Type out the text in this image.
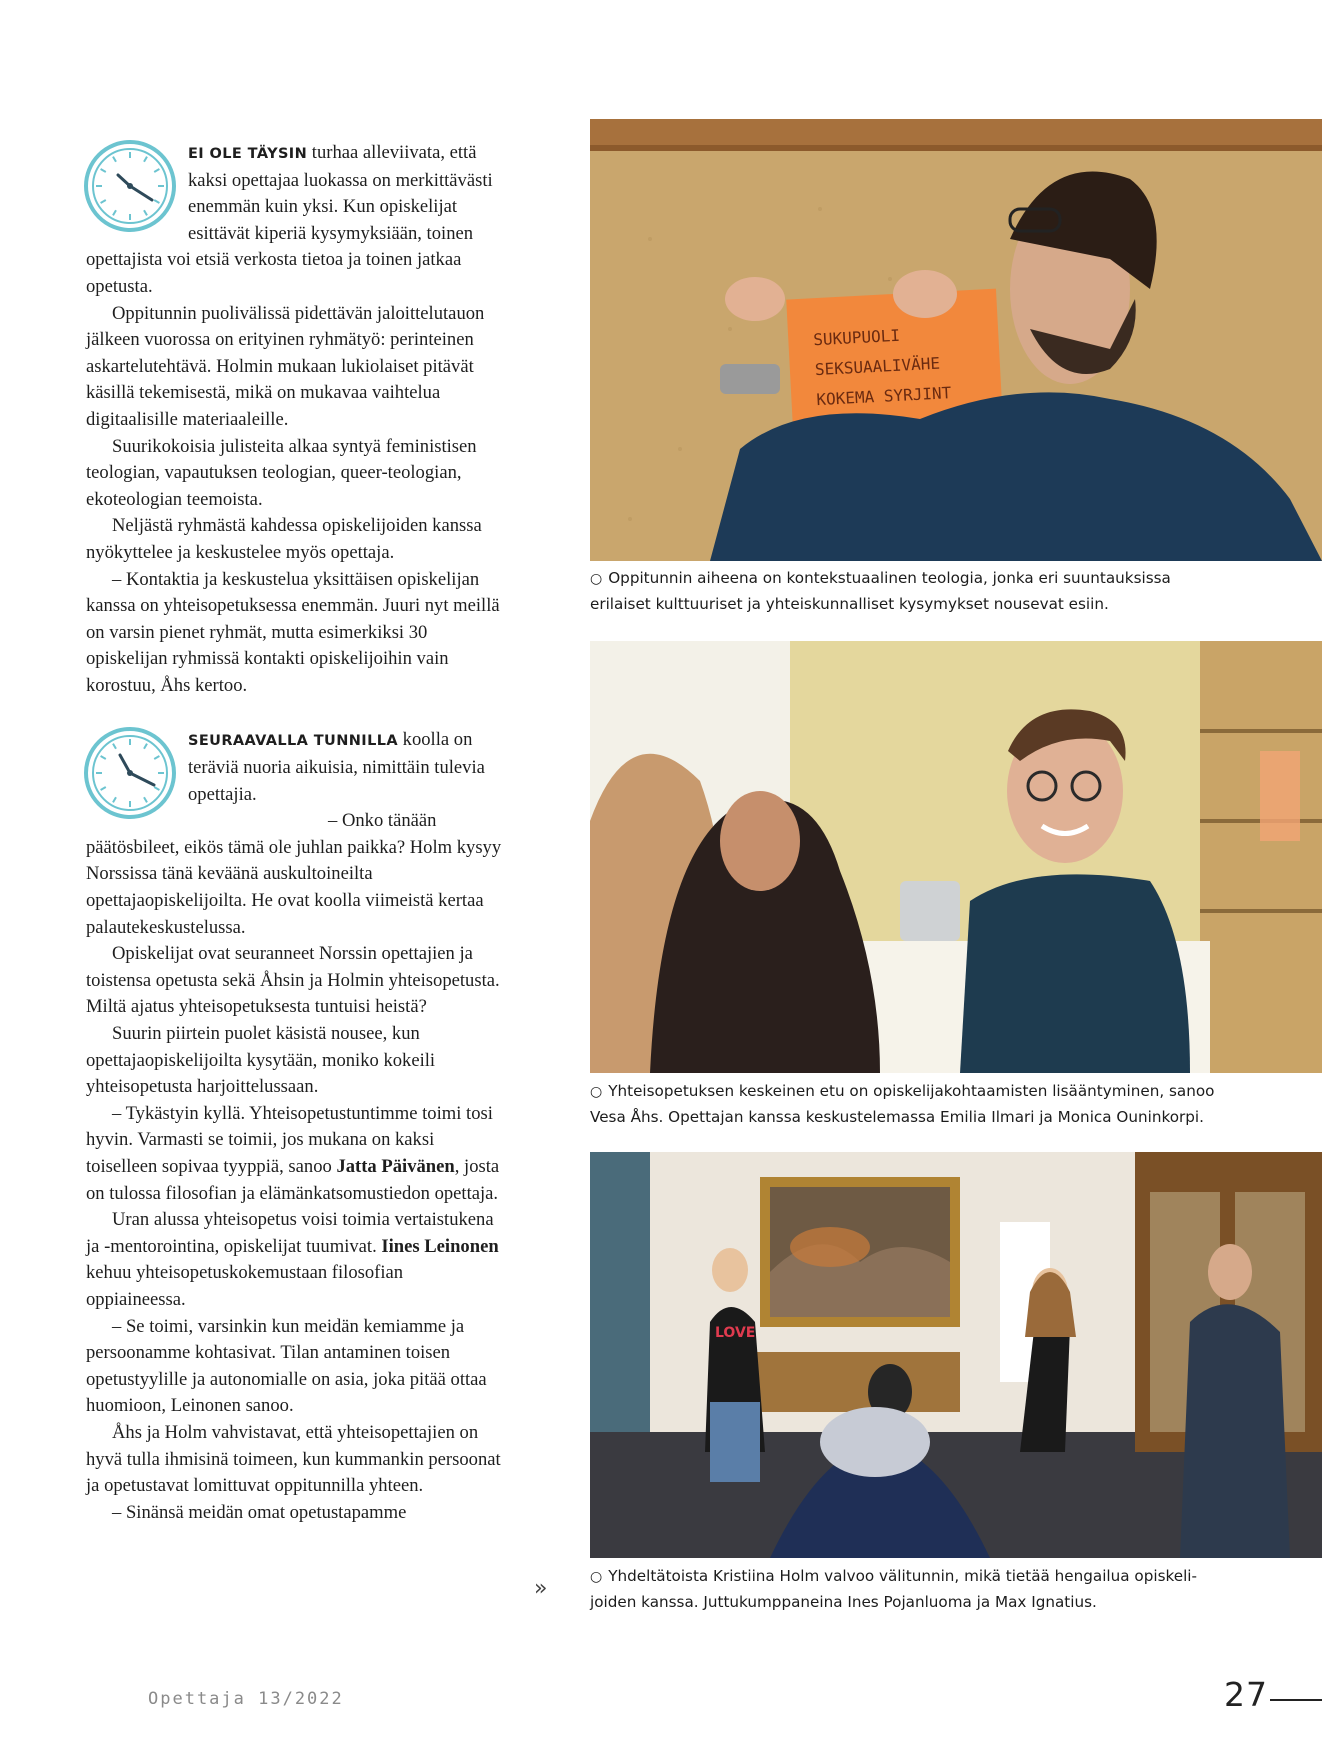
EI OLE TÄYSIN turhaa alleviivata, että kaksi opettajaa luokassa on merkittävästi enemmän kuin yksi. Kun opiskelijat esittävät kiperiä kysymyksiään, toinen opettajista voi etsiä verkosta tietoa ja toinen jatkaa opetusta.

Oppitunnin puolivälissä pidettävän jaloittelutauon jälkeen vuorossa on erityinen ryhmätyö: perinteinen askartelutehtävä. Holmin mukaan lukiolaiset pitävät käsillä tekemisestä, mikä on mukavaa vaihtelua digitaalisille materiaaleille.

Suurikokoisia julisteita alkaa syntyä feministisen teologian, vapautuksen teologian, queer-teologian, ekoteologian teemoista.

Neljästä ryhmästä kahdessa opiskelijoiden kanssa nyökyttelee ja keskustelee myös opettaja.

– Kontaktia ja keskustelua yksittäisen opiskelijan kanssa on yhteisopetuksessa enemmän. Juuri nyt meillä on varsin pienet ryhmät, mutta esimerkiksi 30 opiskelijan ryhmissä kontakti opiskelijoihin vain korostuu, Åhs kertoo.

SEURAAVALLA TUNNILLA koolla on teräviä nuoria aikuisia, nimittäin tulevia opettajia.

– Onko tänään päätösbileet, eikös tämä ole juhlan paikka? Holm kysyy Norssissa tänä keväänä auskultoineilta opettajaopiskelijoilta. He ovat koolla viimeistä kertaa palautekeskustelussa.

Opiskelijat ovat seuranneet Norssin opettajien ja toistensa opetusta sekä Åhsin ja Holmin yhteisopetusta. Miltä ajatus yhteisopetuksesta tuntuisi heistä?

Suurin piirtein puolet käsistä nousee, kun opettajaopiskelijoilta kysytään, moniko kokeili yhteisopetusta harjoittelussaan.

– Tykästyin kyllä. Yhteisopetustuntimme toimi tosi hyvin. Varmasti se toimii, jos mukana on kaksi toiselleen sopivaa tyyppiä, sanoo Jatta Päivänen, josta on tulossa filosofian ja elämänkatsomustiedon opettaja.

Uran alussa yhteisopetus voisi toimia vertaistukena ja -mentorointina, opiskelijat tuumivat. Iines Leinonen kehuu yhteisopetuskokemustaan filosofian oppiaineessa.

– Se toimi, varsinkin kun meidän kemiamme ja persoonamme kohtasivat. Tilan antaminen toisen opetustyylille ja autonomialle on asia, joka pitää ottaa huomioon, Leinonen sanoo.

Åhs ja Holm vahvistavat, että yhteisopettajien on hyvä tulla ihmisinä toimeen, kun kummankin persoonat ja opetustavat lomittuvat oppitunnilla yhteen.

– Sinänsä meidän omat opetustapamme

»
SUKUPUOLI
SEKSUAALIVÄHE
KOKEMA SYRJINT
○ Oppitunnin aiheena on kontekstuaalinen teologia, jonka eri suuntauksissa
erilaiset kulttuuriset ja yhteiskunnalliset kysymykset nousevat esiin.
○ Yhteisopetuksen keskeinen etu on opiskelijakohtaamisten lisääntyminen, sanoo
Vesa Åhs. Opettajan kanssa keskustelemassa Emilia Ilmari ja Monica Ouninkorpi.
LOVE
○ Yhdeltätoista Kristiina Holm valvoo välitunnin, mikä tietää hengailua opiskeli-
joiden kanssa. Juttukumppaneina Ines Pojanluoma ja Max Ignatius.
Opettaja 13/2022	27
